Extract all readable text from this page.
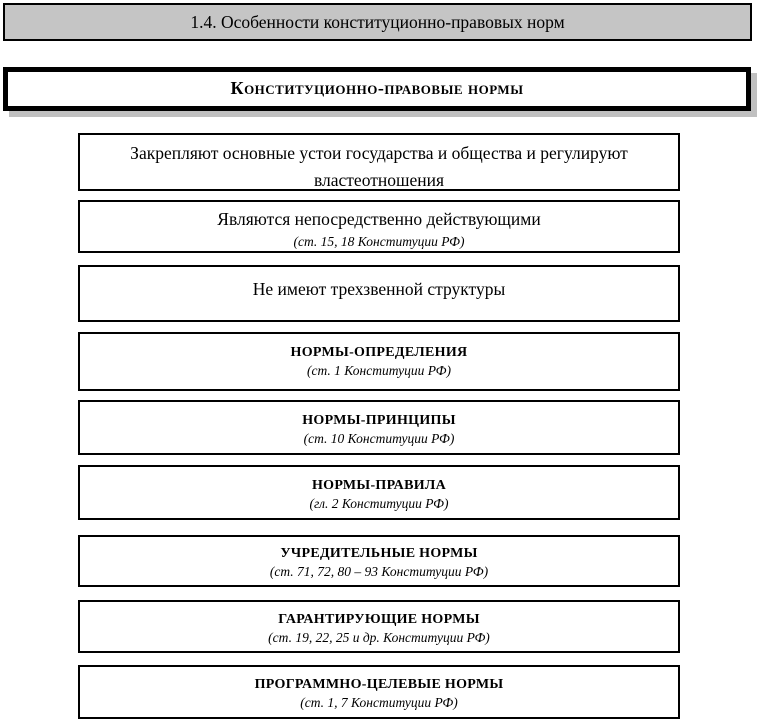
1.4. Особенности конституционно-правовых норм
Конституционно-правовые нормы
Закрепляют основные устои государства и общества и регулируют властеотношения
Являются непосредственно действующими
(ст. 15, 18 Конституции РФ)
Не имеют трехзвенной структуры
НОРМЫ-ОПРЕДЕЛЕНИЯ
(ст. 1 Конституции РФ)
НОРМЫ-ПРИНЦИПЫ
(ст. 10 Конституции РФ)
НОРМЫ-ПРАВИЛА
(гл. 2 Конституции РФ)
УЧРЕДИТЕЛЬНЫЕ НОРМЫ
(ст. 71, 72, 80 – 93 Конституции РФ)
ГАРАНТИРУЮЩИЕ НОРМЫ
(ст. 19, 22, 25 и др. Конституции РФ)
ПРОГРАММНО-ЦЕЛЕВЫЕ НОРМЫ
(ст. 1, 7 Конституции РФ)
